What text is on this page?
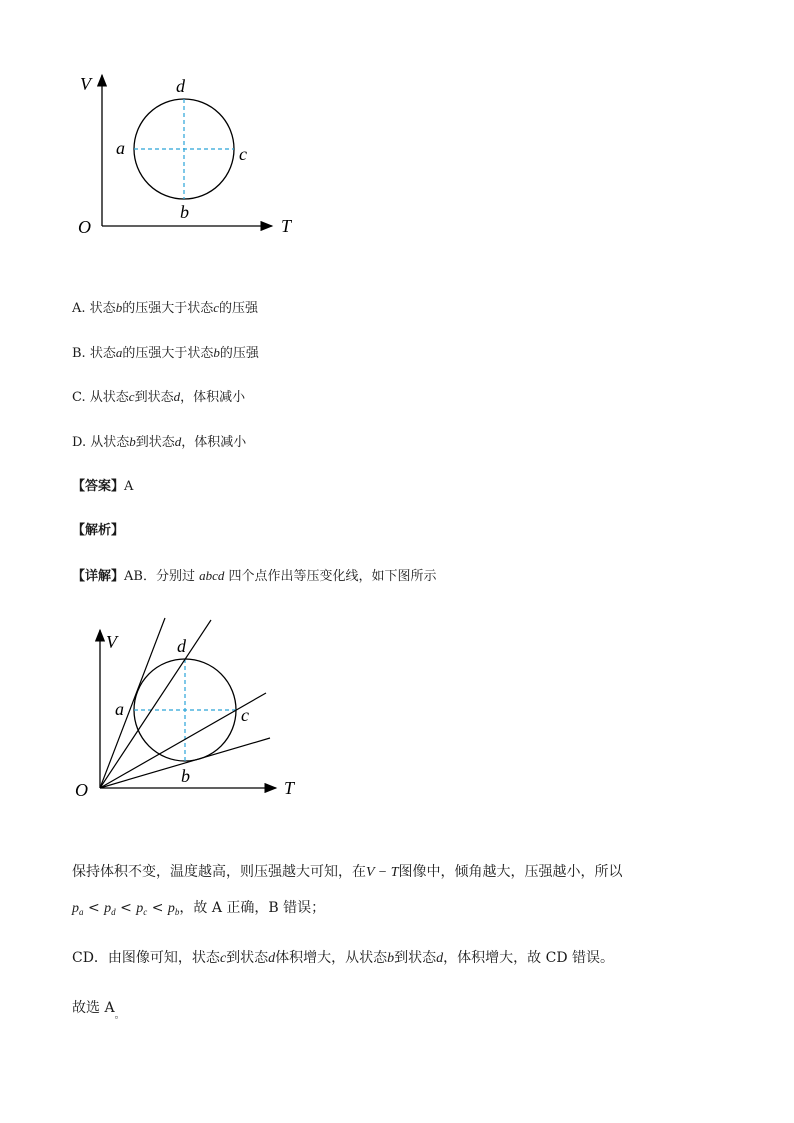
V
T
O
d
a	c
b
A. 状态b的压强大于状态c的压强
B. 状态a的压强大于状态b的压强
C. 从状态c到状态d，体积减小
D. 从状态b到状态d，体积减小
【答案】A
【解析】
【详解】AB．分别过 abcd 四个点作出等压变化线，如下图所示
V
T
O
d
a	c
b
保持体积不变，温度越高，则压强越大可知，在V − T图像中，倾角越大，压强越小，所以
$p_a < p_d < p_c < p_b$，故 A 正确，B 错误；
CD．由图像可知，状态c到状态d体积增大，从状态b到状态d，体积增大，故 CD 错误。
故选 $A_。$
